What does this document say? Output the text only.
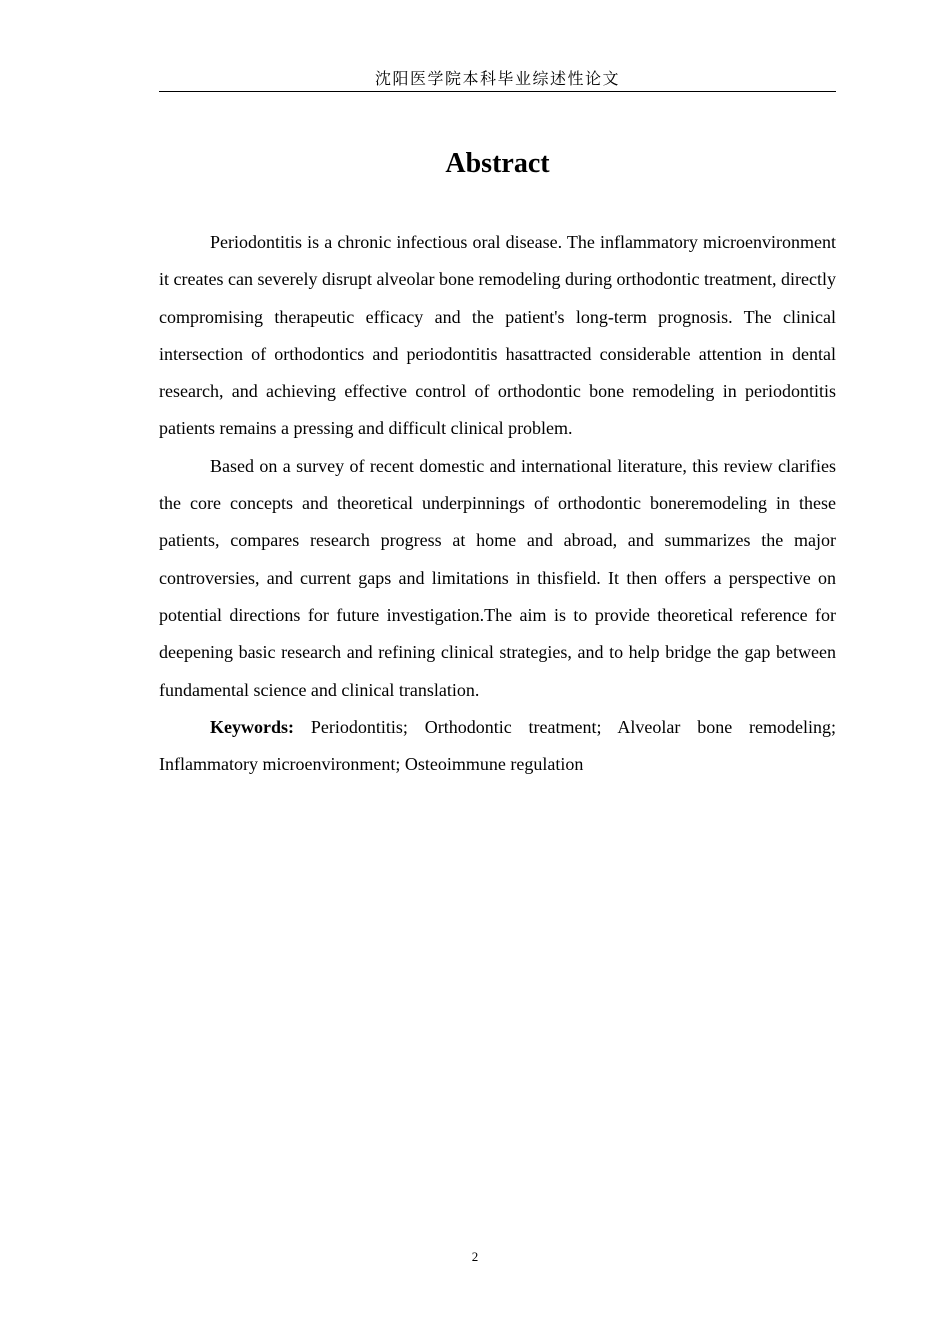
沈阳医学院本科毕业综述性论文
Abstract

Periodontitis is a chronic infectious oral disease. The inflammatory microenvironment it creates can severely disrupt alveolar bone remodeling during orthodontic treatment, directly compromising therapeutic efficacy and the patient's long-term prognosis. The clinical intersection of orthodontics and periodontitis hasattracted considerable attention in dental research, and achieving effective control of orthodontic bone remodeling in periodontitis patients remains a pressing and difficult clinical problem.

Based on a survey of recent domestic and international literature, this review clarifies the core concepts and theoretical underpinnings of orthodontic boneremodeling in these patients, compares research progress at home and abroad, and summarizes the major controversies, and current gaps and limitations in thisfield. It then offers a perspective on potential directions for future investigation.The aim is to provide theoretical reference for deepening basic research and refining clinical strategies, and to help bridge the gap between fundamental science and clinical translation.

Keywords: Periodontitis; Orthodontic treatment; Alveolar bone remodeling; Inflammatory microenvironment; Osteoimmune regulation

2
